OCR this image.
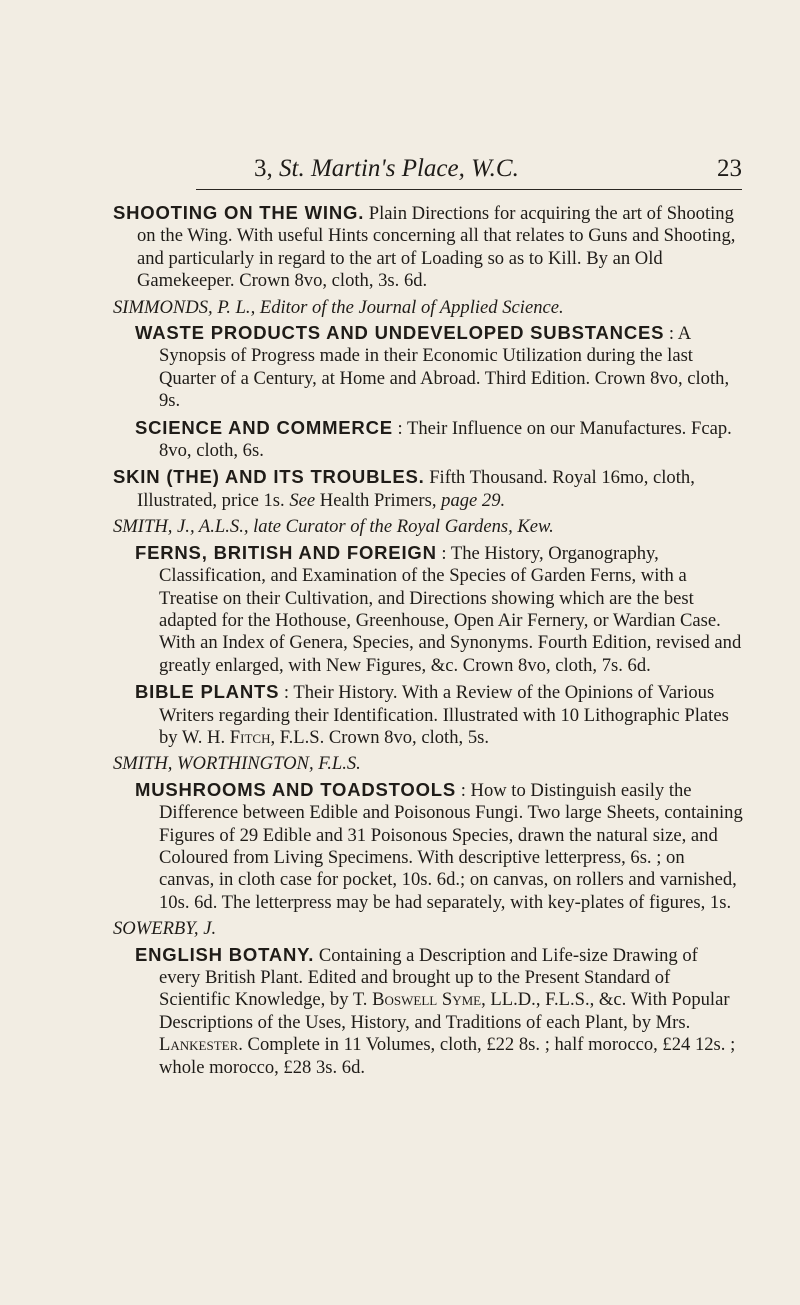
3, St. Martin's Place, W.C.	23

SHOOTING ON THE WING. Plain Directions for acquiring the art of Shooting on the Wing. With useful Hints concerning all that relates to Guns and Shooting, and particularly in regard to the art of Loading so as to Kill. By an Old Gamekeeper. Crown 8vo, cloth, 3s. 6d.

SIMMONDS, P. L., Editor of the Journal of Applied Science.

WASTE PRODUCTS AND UNDEVELOPED SUBSTANCES : A Synopsis of Progress made in their Economic Utilization during the last Quarter of a Century, at Home and Abroad. Third Edition. Crown 8vo, cloth, 9s.

SCIENCE AND COMMERCE : Their Influence on our Manufactures. Fcap. 8vo, cloth, 6s.

SKIN (THE) AND ITS TROUBLES. Fifth Thousand. Royal 16mo, cloth, Illustrated, price 1s. See Health Primers, page 29.

SMITH, J., A.L.S., late Curator of the Royal Gardens, Kew.

FERNS, BRITISH AND FOREIGN : The History, Organography, Classification, and Examination of the Species of Garden Ferns, with a Treatise on their Cultivation, and Directions showing which are the best adapted for the Hothouse, Greenhouse, Open Air Fernery, or Wardian Case. With an Index of Genera, Species, and Synonyms. Fourth Edition, revised and greatly enlarged, with New Figures, &c. Crown 8vo, cloth, 7s. 6d.

BIBLE PLANTS : Their History. With a Review of the Opinions of Various Writers regarding their Identification. Illustrated with 10 Lithographic Plates by W. H. Fitch, F.L.S. Crown 8vo, cloth, 5s.

SMITH, WORTHINGTON, F.L.S.

MUSHROOMS AND TOADSTOOLS : How to Distinguish easily the Difference between Edible and Poisonous Fungi. Two large Sheets, containing Figures of 29 Edible and 31 Poisonous Species, drawn the natural size, and Coloured from Living Specimens. With descriptive letterpress, 6s. ; on canvas, in cloth case for pocket, 10s. 6d.; on canvas, on rollers and varnished, 10s. 6d. The letterpress may be had separately, with key-plates of figures, 1s.

SOWERBY, J.

ENGLISH BOTANY. Containing a Description and Life-size Drawing of every British Plant. Edited and brought up to the Present Standard of Scientific Knowledge, by T. Boswell Syme, LL.D., F.L.S., &c. With Popular Descriptions of the Uses, History, and Traditions of each Plant, by Mrs. Lankester. Complete in 11 Volumes, cloth, £22 8s. ; half morocco, £24 12s. ; whole morocco, £28 3s. 6d.
